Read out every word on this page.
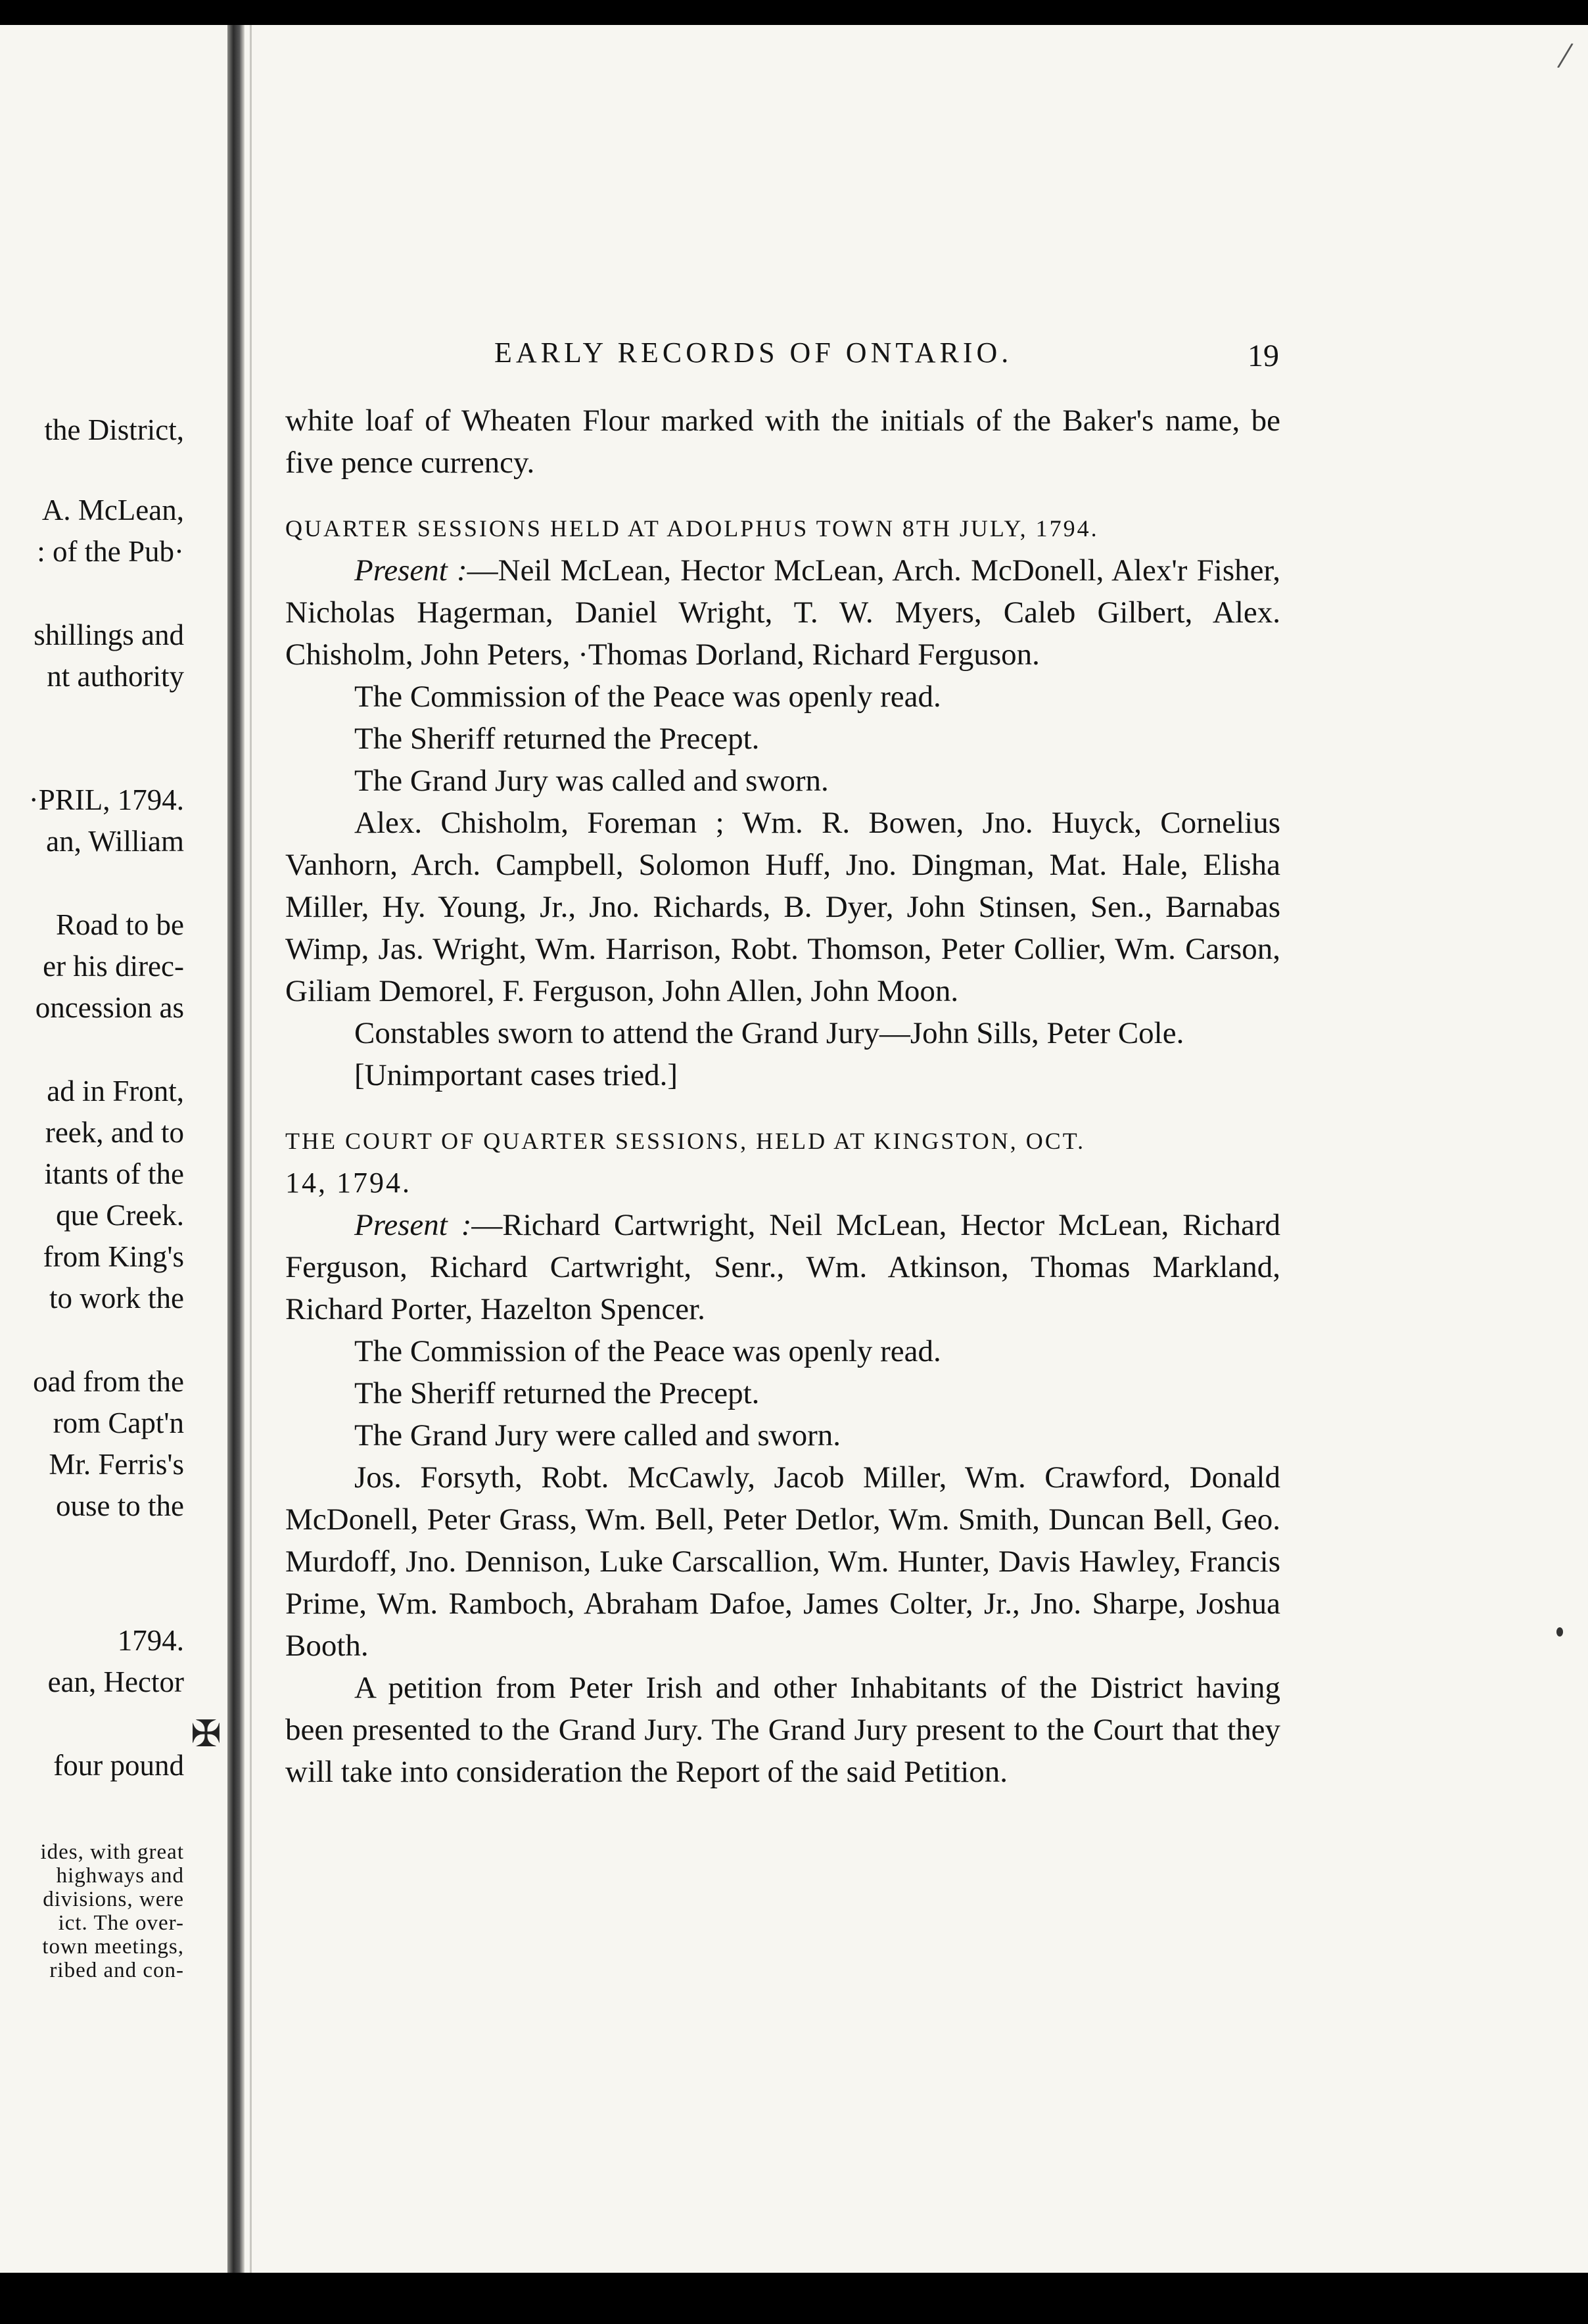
the District,
A. McLean,
: of the Pub·
shillings and
nt authority
·PRIL, 1794.
an, William
Road to be
er his direc-
oncession as
ad in Front,
reek, and to
itants of the
que Creek.
from King's
to work the
oad from the
rom Capt'n
Mr. Ferris's
ouse to the
1794.
ean, Hector
four pound
ides, with great
highways and
divisions, were
ict. The over-
town meetings,
ribed and con-
✠
/
EARLY RECORDS OF ONTARIO.	19

white loaf of Wheaten Flour marked with the initials of the Baker's name, be five pence currency.

QUARTER SESSIONS HELD AT ADOLPHUS TOWN 8TH JULY, 1794.

Present :—Neil McLean, Hector McLean, Arch. McDonell, Alex'r Fisher, Nicholas Hagerman, Daniel Wright, T. W. Myers, Caleb Gilbert, Alex. Chisholm, John Peters, ·Thomas Dorland, Richard Ferguson.

The Commission of the Peace was openly read.

The Sheriff returned the Precept.

The Grand Jury was called and sworn.

Alex. Chisholm, Foreman ; Wm. R. Bowen, Jno. Huyck, Cornelius Vanhorn, Arch. Campbell, Solomon Huff, Jno. Dingman, Mat. Hale, Elisha Miller, Hy. Young, Jr., Jno. Richards, B. Dyer, John Stinsen, Sen., Barnabas Wimp, Jas. Wright, Wm. Harrison, Robt. Thomson, Peter Collier, Wm. Carson, Giliam Demorel, F. Ferguson, John Allen, John Moon.

Constables sworn to attend the Grand Jury—John Sills, Peter Cole.

[Unimportant cases tried.]

THE COURT OF QUARTER SESSIONS, HELD AT KINGSTON, OCT.

14, 1794.

Present :—Richard Cartwright, Neil McLean, Hector McLean, Richard Ferguson, Richard Cartwright, Senr., Wm. Atkinson, Thomas Markland, Richard Porter, Hazelton Spencer.

The Commission of the Peace was openly read.

The Sheriff returned the Precept.

The Grand Jury were called and sworn.

Jos. Forsyth, Robt. McCawly, Jacob Miller, Wm. Crawford, Donald McDonell, Peter Grass, Wm. Bell, Peter Detlor, Wm. Smith, Duncan Bell, Geo. Murdoff, Jno. Dennison, Luke Carscallion, Wm. Hunter, Davis Hawley, Francis Prime, Wm. Ramboch, Abraham Dafoe, James Colter, Jr., Jno. Sharpe, Joshua Booth.

A petition from Peter Irish and other Inhabitants of the District having been presented to the Grand Jury. The Grand Jury present to the Court that they will take into consideration the Report of the said Petition.
